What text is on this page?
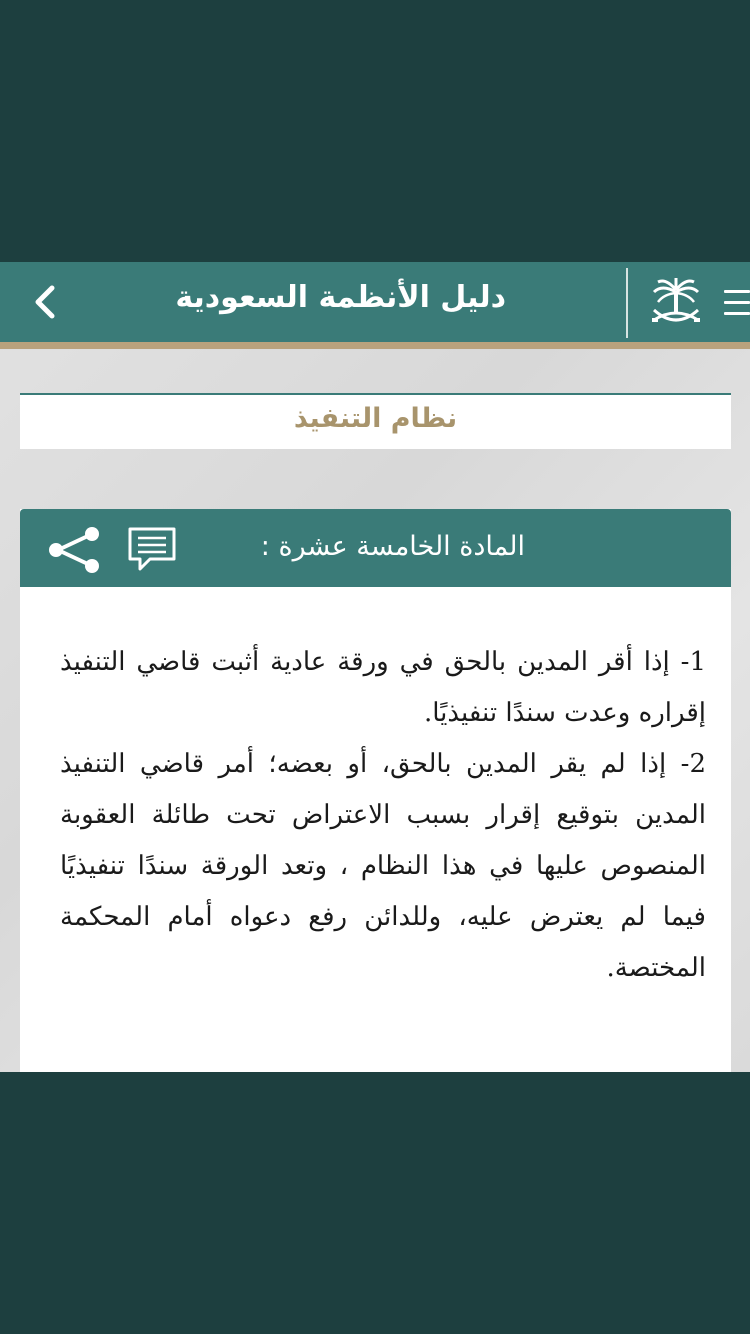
دليل الأنظمة السعودية
نظام التنفيذ
المادة الخامسة عشرة :

1- إذا أقر المدين بالحق في ورقة عادية أثبت قاضي التنفيذ إقراره وعدت سندًا تنفيذيًا.

2- إذا لم يقر المدين بالحق، أو بعضه؛ أمر قاضي التنفيذ المدين بتوقيع إقرار بسبب الاعتراض تحت طائلة العقوبة المنصوص عليها في هذا النظام ، وتعد الورقة سندًا تنفيذيًا فيما لم يعترض عليه، وللدائن رفع دعواه أمام المحكمة المختصة.
